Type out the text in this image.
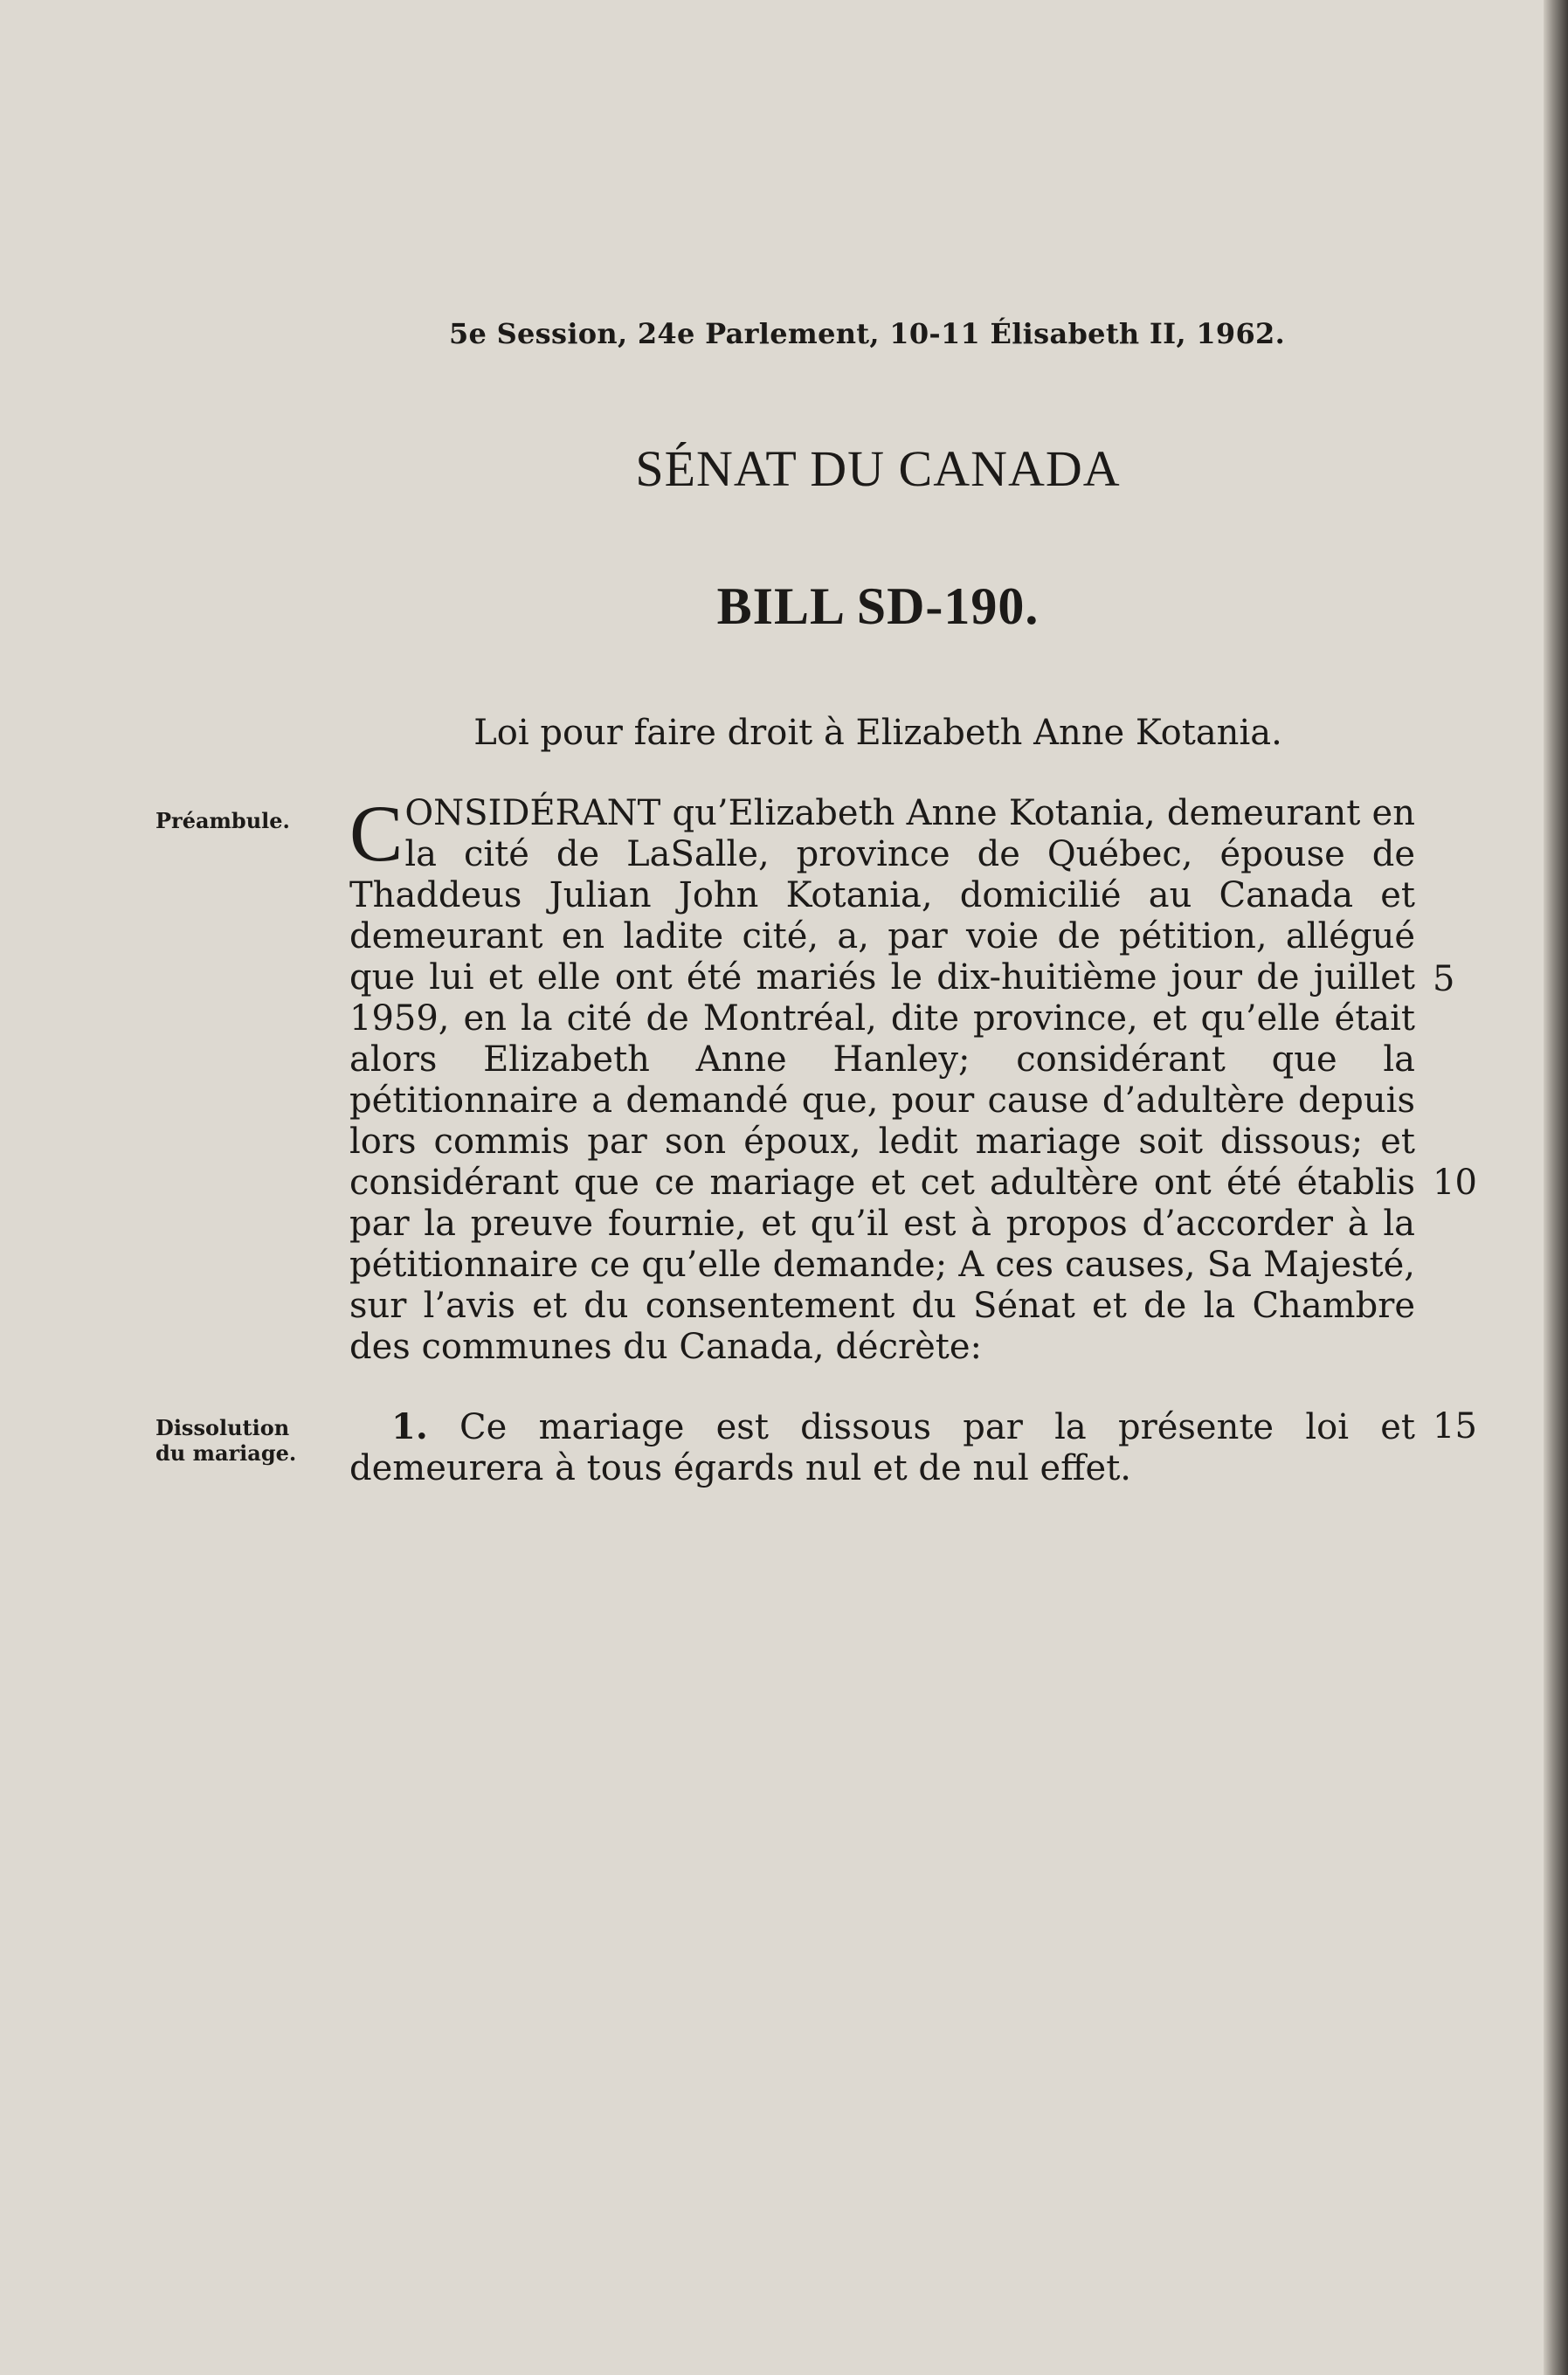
5e Session, 24e Parlement, 10-11 Élisabeth II, 1962.
SÉNAT DU CANADA
BILL SD-190.
Loi pour faire droit à Elizabeth Anne Kotania.
Préambule. CONSIDÉRANT qu’Elizabeth Anne Kotania, demeurant en la cité de LaSalle, province de Québec, épouse de Thaddeus Julian John Kotania, domicilié au Canada et demeurant en ladite cité, a, par voie de pétition, allégué que lui et elle ont été mariés le dix-huitième jour de juillet 1959, en la cité de Montréal, dite province, et qu’elle était alors Elizabeth Anne Hanley; considérant que la pétitionnaire a demandé que, pour cause d’adultère depuis lors commis par son époux, ledit mariage soit dissous; et considérant que ce mariage et cet adultère ont été établis par la preuve fournie, et qu’il est à propos d’accorder à la pétitionnaire ce qu’elle demande; A ces causes, Sa Majesté, sur l’avis et du consentement du Sénat et de la Chambre des communes du Canada, décrète:
5
10
15
Dissolution
du mariage.
1. Ce mariage est dissous par la présente loi et demeurera à tous égards nul et de nul effet.
